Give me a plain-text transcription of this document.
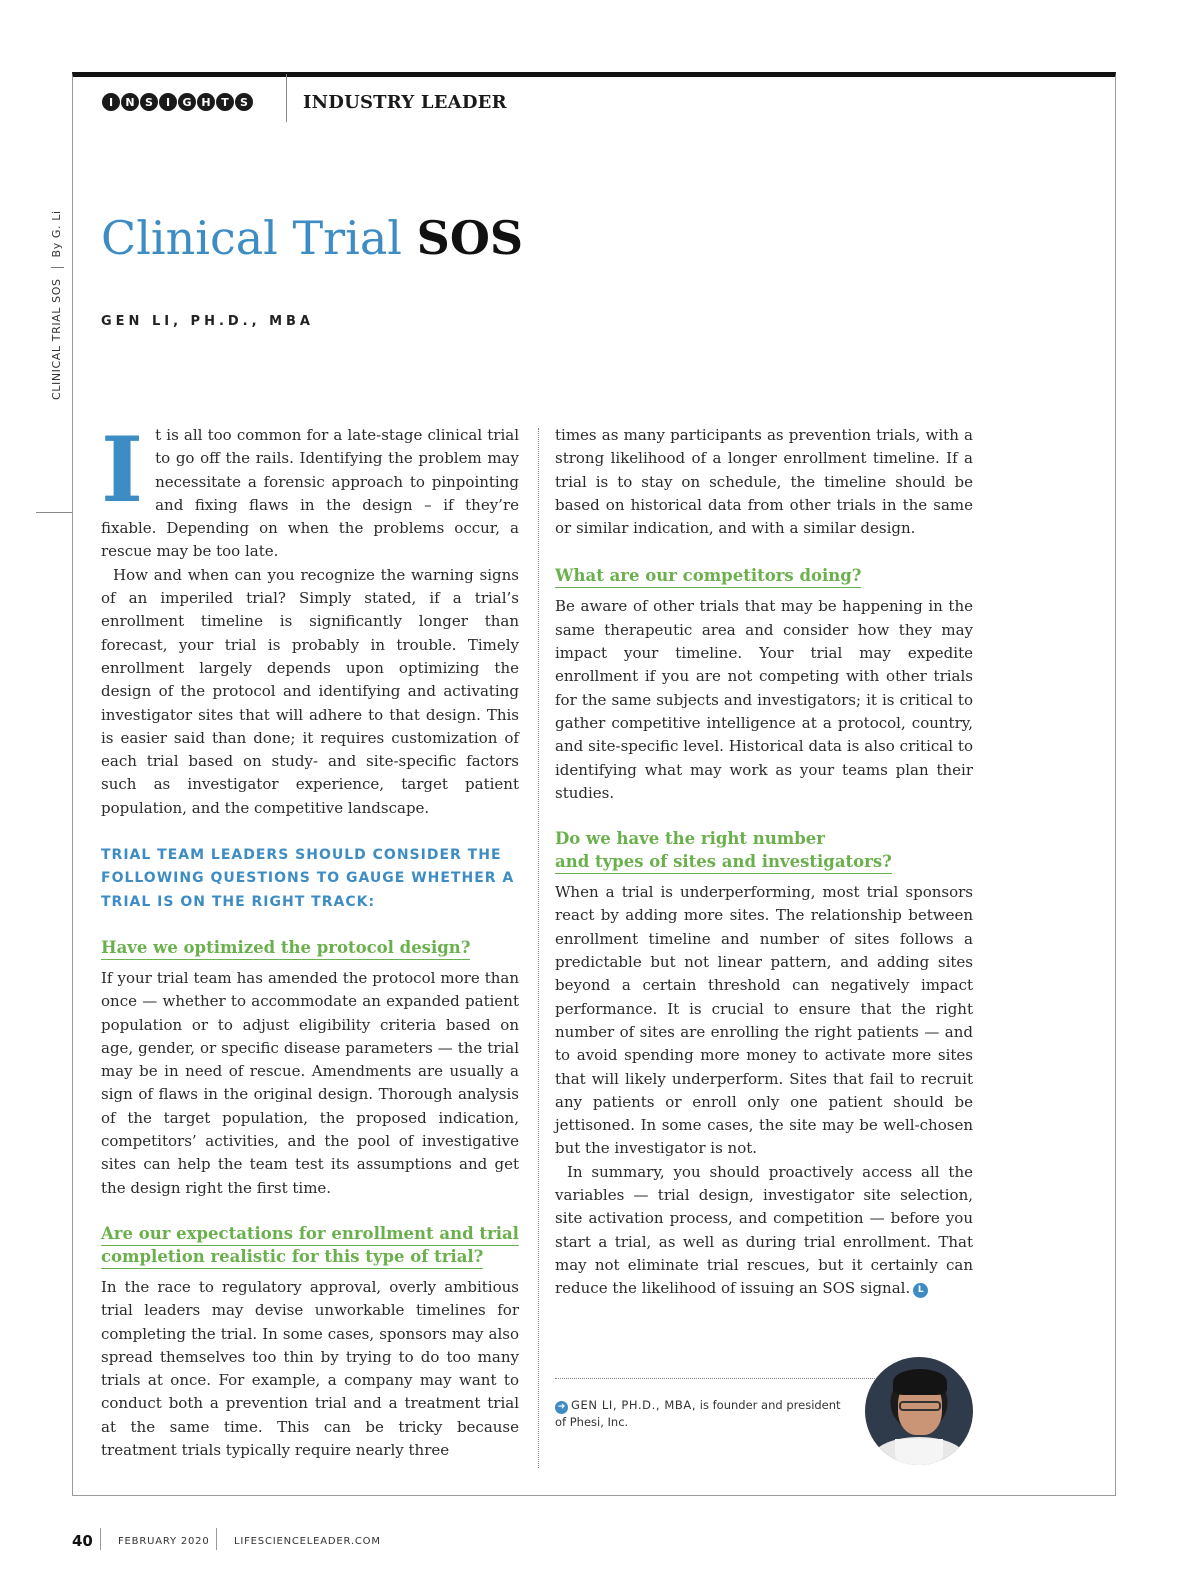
I	N S	I	G H T	S	INDUSTRY LEADER
CLINICAL TRIAL SOSBy G. Li Clinical Trial SOS
GEN LI, PH.D., MBA

It is all too common for a late-stage clinical trial to go off the rails. Identifying the problem may necessitate a forensic approach to pinpointing and fixing flaws in the design – if they’re fixable. Depending on when the problems occur, a rescue may be too late.

How and when can you recognize the warning signs of an imperiled trial? Simply stated, if a trial’s enrollment timeline is significantly longer than forecast, your trial is probably in trouble. Timely enrollment largely depends upon optimizing the design of the protocol and identifying and activating investigator sites that will adhere to that design. This is easier said than done; it requires customization of each trial based on study- and site-specific factors such as investigator experience, target patient population, and the competitive landscape.

TRIAL TEAM LEADERS SHOULD CONSIDER THE FOLLOWING QUESTIONS TO GAUGE WHETHER A TRIAL IS ON THE RIGHT TRACK:
Have we optimized the protocol design?

If your trial team has amended the protocol more than once — whether to accommodate an expanded patient population or to adjust eligibility criteria based on age, gender, or specific disease parameters — the trial may be in need of rescue. Amendments are usually a sign of flaws in the original design. Thorough analysis of the target population, the proposed indication, competitors’ activities, and the pool of investigative sites can help the team test its assumptions and get the design right the first time.

Are our expectations for enrollment and trial completion realistic for this type of trial?

In the race to regulatory approval, overly ambitious trial leaders may devise unworkable timelines for completing the trial. In some cases, sponsors may also spread themselves too thin by trying to do too many trials at once. For example, a company may want to conduct both a prevention trial and a treatment trial at the same time. This can be tricky because treatment trials typically require nearly three

times as many participants as prevention trials, with a strong likelihood of a longer enrollment timeline. If a trial is to stay on schedule, the timeline should be based on historical data from other trials in the same or similar indication, and with a similar design.

What are our competitors doing?

Be aware of other trials that may be happening in the same therapeutic area and consider how they may impact your timeline. Your trial may expedite enrollment if you are not competing with other trials for the same subjects and investigators; it is critical to gather competitive intelligence at a protocol, country, and site-specific level. Historical data is also critical to identifying what may work as your teams plan their studies.

Do we have the right number
and types of sites and investigators?

When a trial is underperforming, most trial sponsors react by adding more sites. The relationship between enrollment timeline and number of sites follows a predictable but not linear pattern, and adding sites beyond a certain threshold can negatively impact performance. It is crucial to ensure that the right number of sites are enrolling the right patients — and to avoid spending more money to activate more sites that will likely underperform. Sites that fail to recruit any patients or enroll only one patient should be jettisoned. In some cases, the site may be well-chosen but the investigator is not.

In summary, you should proactively access all the variables — trial design, investigator site selection, site activation process, and competition — before you start a trial, as well as during trial enrollment. That may not eliminate trial rescues, but it certainly can reduce the likelihood of issuing an SOS signal. L

➜ GEN LI, PH.D., MBA, is founder and president of Phesi, Inc.
40	FEBRUARY 2020 LIFESCIENCELEADER.COM
